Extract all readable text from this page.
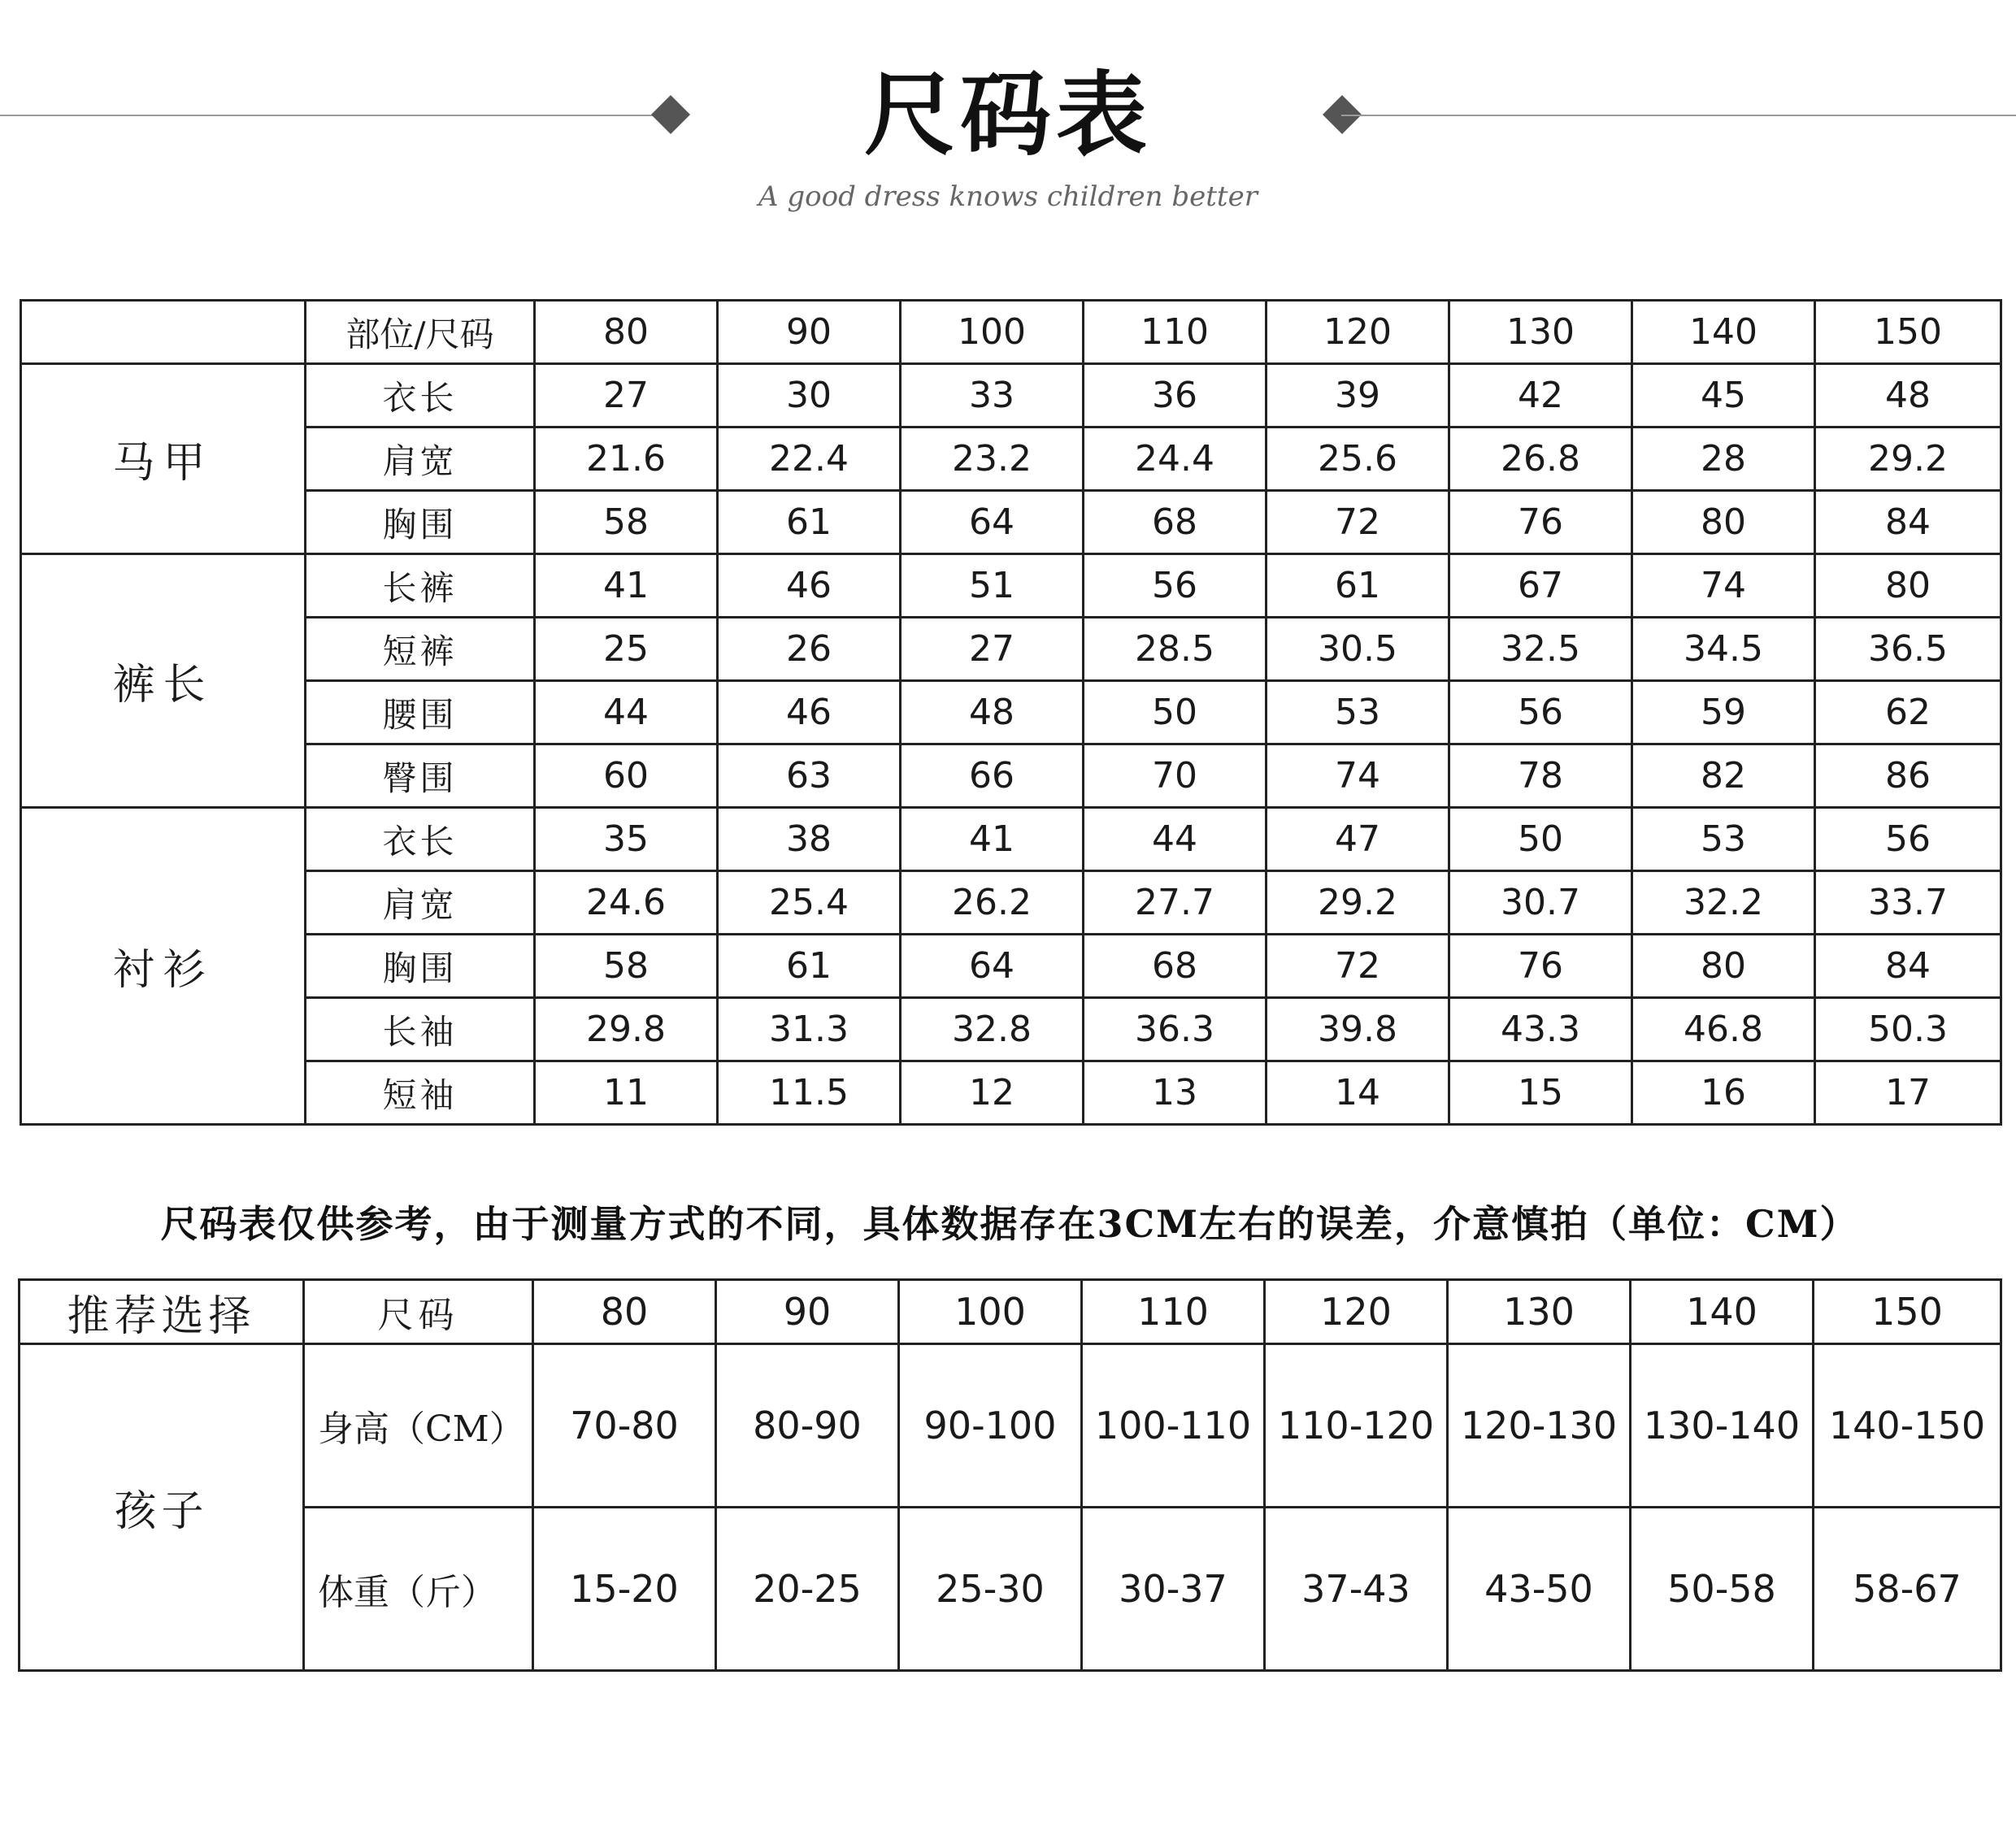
尺码表
A good dress knows children better
	部位/尺码	80	90	100	110	120	130	140	150
马甲	衣长	27	30	33	36	39	42	45	48
	肩宽	21.6	22.4	23.2	24.4	25.6	26.8	28	29.2
	胸围	58	61	64	68	72	76	80	84
裤长	长裤	41	46	51	56	61	67	74	80
	短裤	25	26	27	28.5	30.5	32.5	34.5	36.5
	腰围	44	46	48	50	53	56	59	62
	臀围	60	63	66	70	74	78	82	86
衬衫	衣长	35	38	41	44	47	50	53	56
	肩宽	24.6	25.4	26.2	27.7	29.2	30.7	32.2	33.7
	胸围	58	61	64	68	72	76	80	84
	长袖	29.8	31.3	32.8	36.3	39.8	43.3	46.8	50.3
	短袖	11	11.5	12	13	14	15	16	17
尺码表仅供参考，由于测量方式的不同，具体数据存在3CM左右的误差，介意慎拍（单位：CM）
推荐选择	尺码	80	90	100	110	120	130	140	150
孩子	身高（CM）	70-80	80-90	90-100	100-110	110-120	120-130	130-140	140-150
	体重（斤）	15-20	20-25	25-30	30-37	37-43	43-50	50-58	58-67
